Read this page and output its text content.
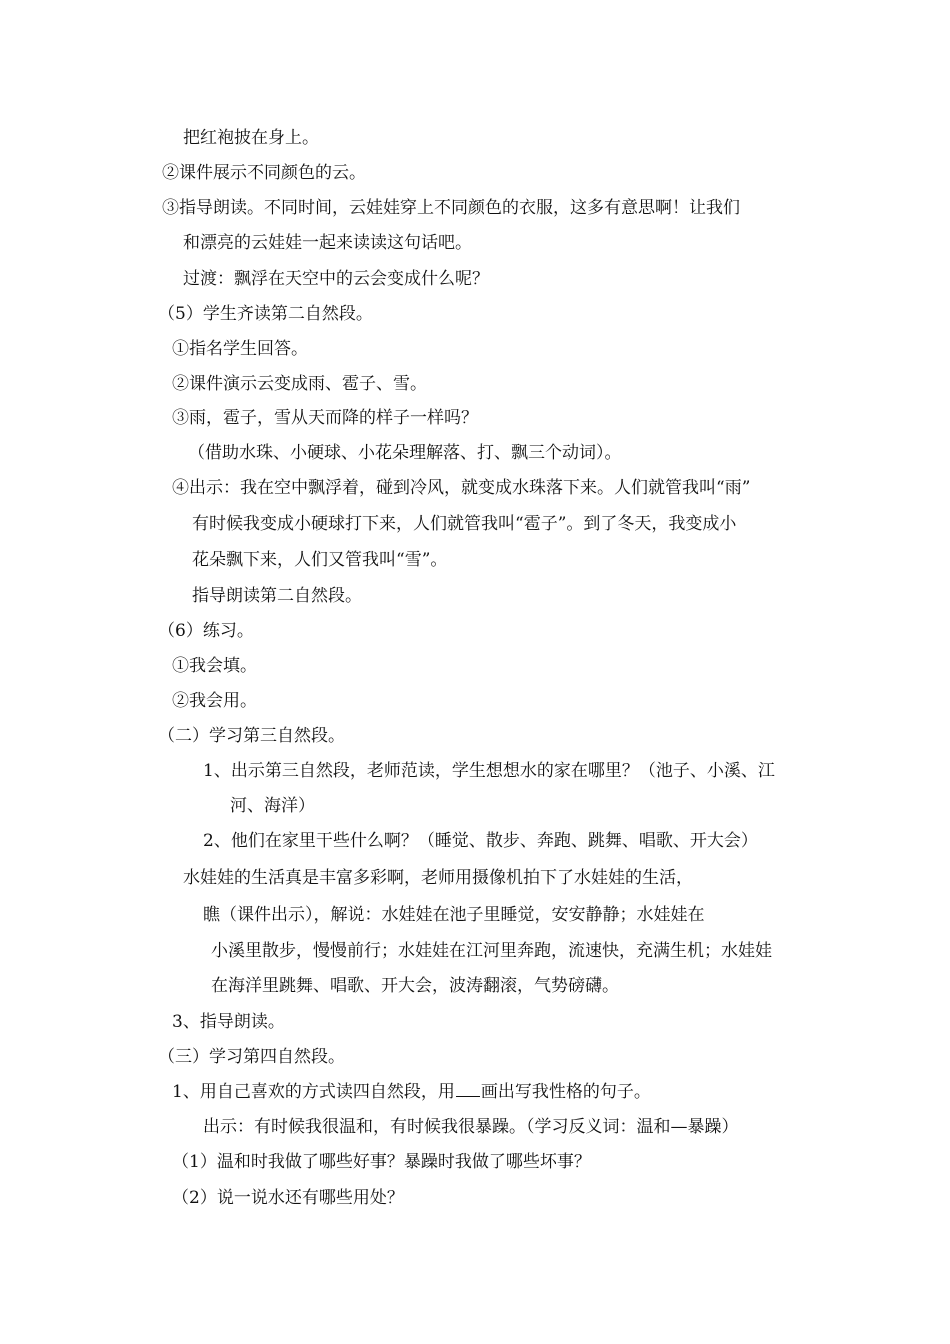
把红袍披在身上。
②课件展示不同颜色的云。
③指导朗读。不同时间，云娃娃穿上不同颜色的衣服，这多有意思啊！让我们
和漂亮的云娃娃一起来读读这句话吧。
过渡：飘浮在天空中的云会变成什么呢？
（5）学生齐读第二自然段。
①指名学生回答。
②课件演示云变成雨、雹子、雪。
③雨，雹子，雪从天而降的样子一样吗？
（借助水珠、小硬球、小花朵理解落、打、飘三个动词）。
④出示：我在空中飘浮着，碰到冷风，就变成水珠落下来。人们就管我叫“雨”
有时候我变成小硬球打下来，人们就管我叫“雹子”。到了冬天，我变成小
花朵飘下来，人们又管我叫“雪”。
指导朗读第二自然段。
（6）练习。
①我会填。
②我会用。
（二）学习第三自然段。
1、出示第三自然段，老师范读，学生想想水的家在哪里？（池子、小溪、江
河、海洋）
2、他们在家里干些什么啊？（睡觉、散步、奔跑、跳舞、唱歌、开大会）
水娃娃的生活真是丰富多彩啊，老师用摄像机拍下了水娃娃的生活，
瞧（课件出示），解说：水娃娃在池子里睡觉，安安静静；水娃娃在
小溪里散步，慢慢前行；水娃娃在江河里奔跑，流速快，充满生机；水娃娃
在海洋里跳舞、唱歌、开大会，波涛翻滚，气势磅礴。
3、指导朗读。
（三）学习第四自然段。
1、用自己喜欢的方式读四自然段，用 画出写我性格的句子。
出示：有时候我很温和，有时候我很暴躁。（学习反义词：温和—暴躁）
（1）温和时我做了哪些好事？暴躁时我做了哪些坏事？
（2）说一说水还有哪些用处？
